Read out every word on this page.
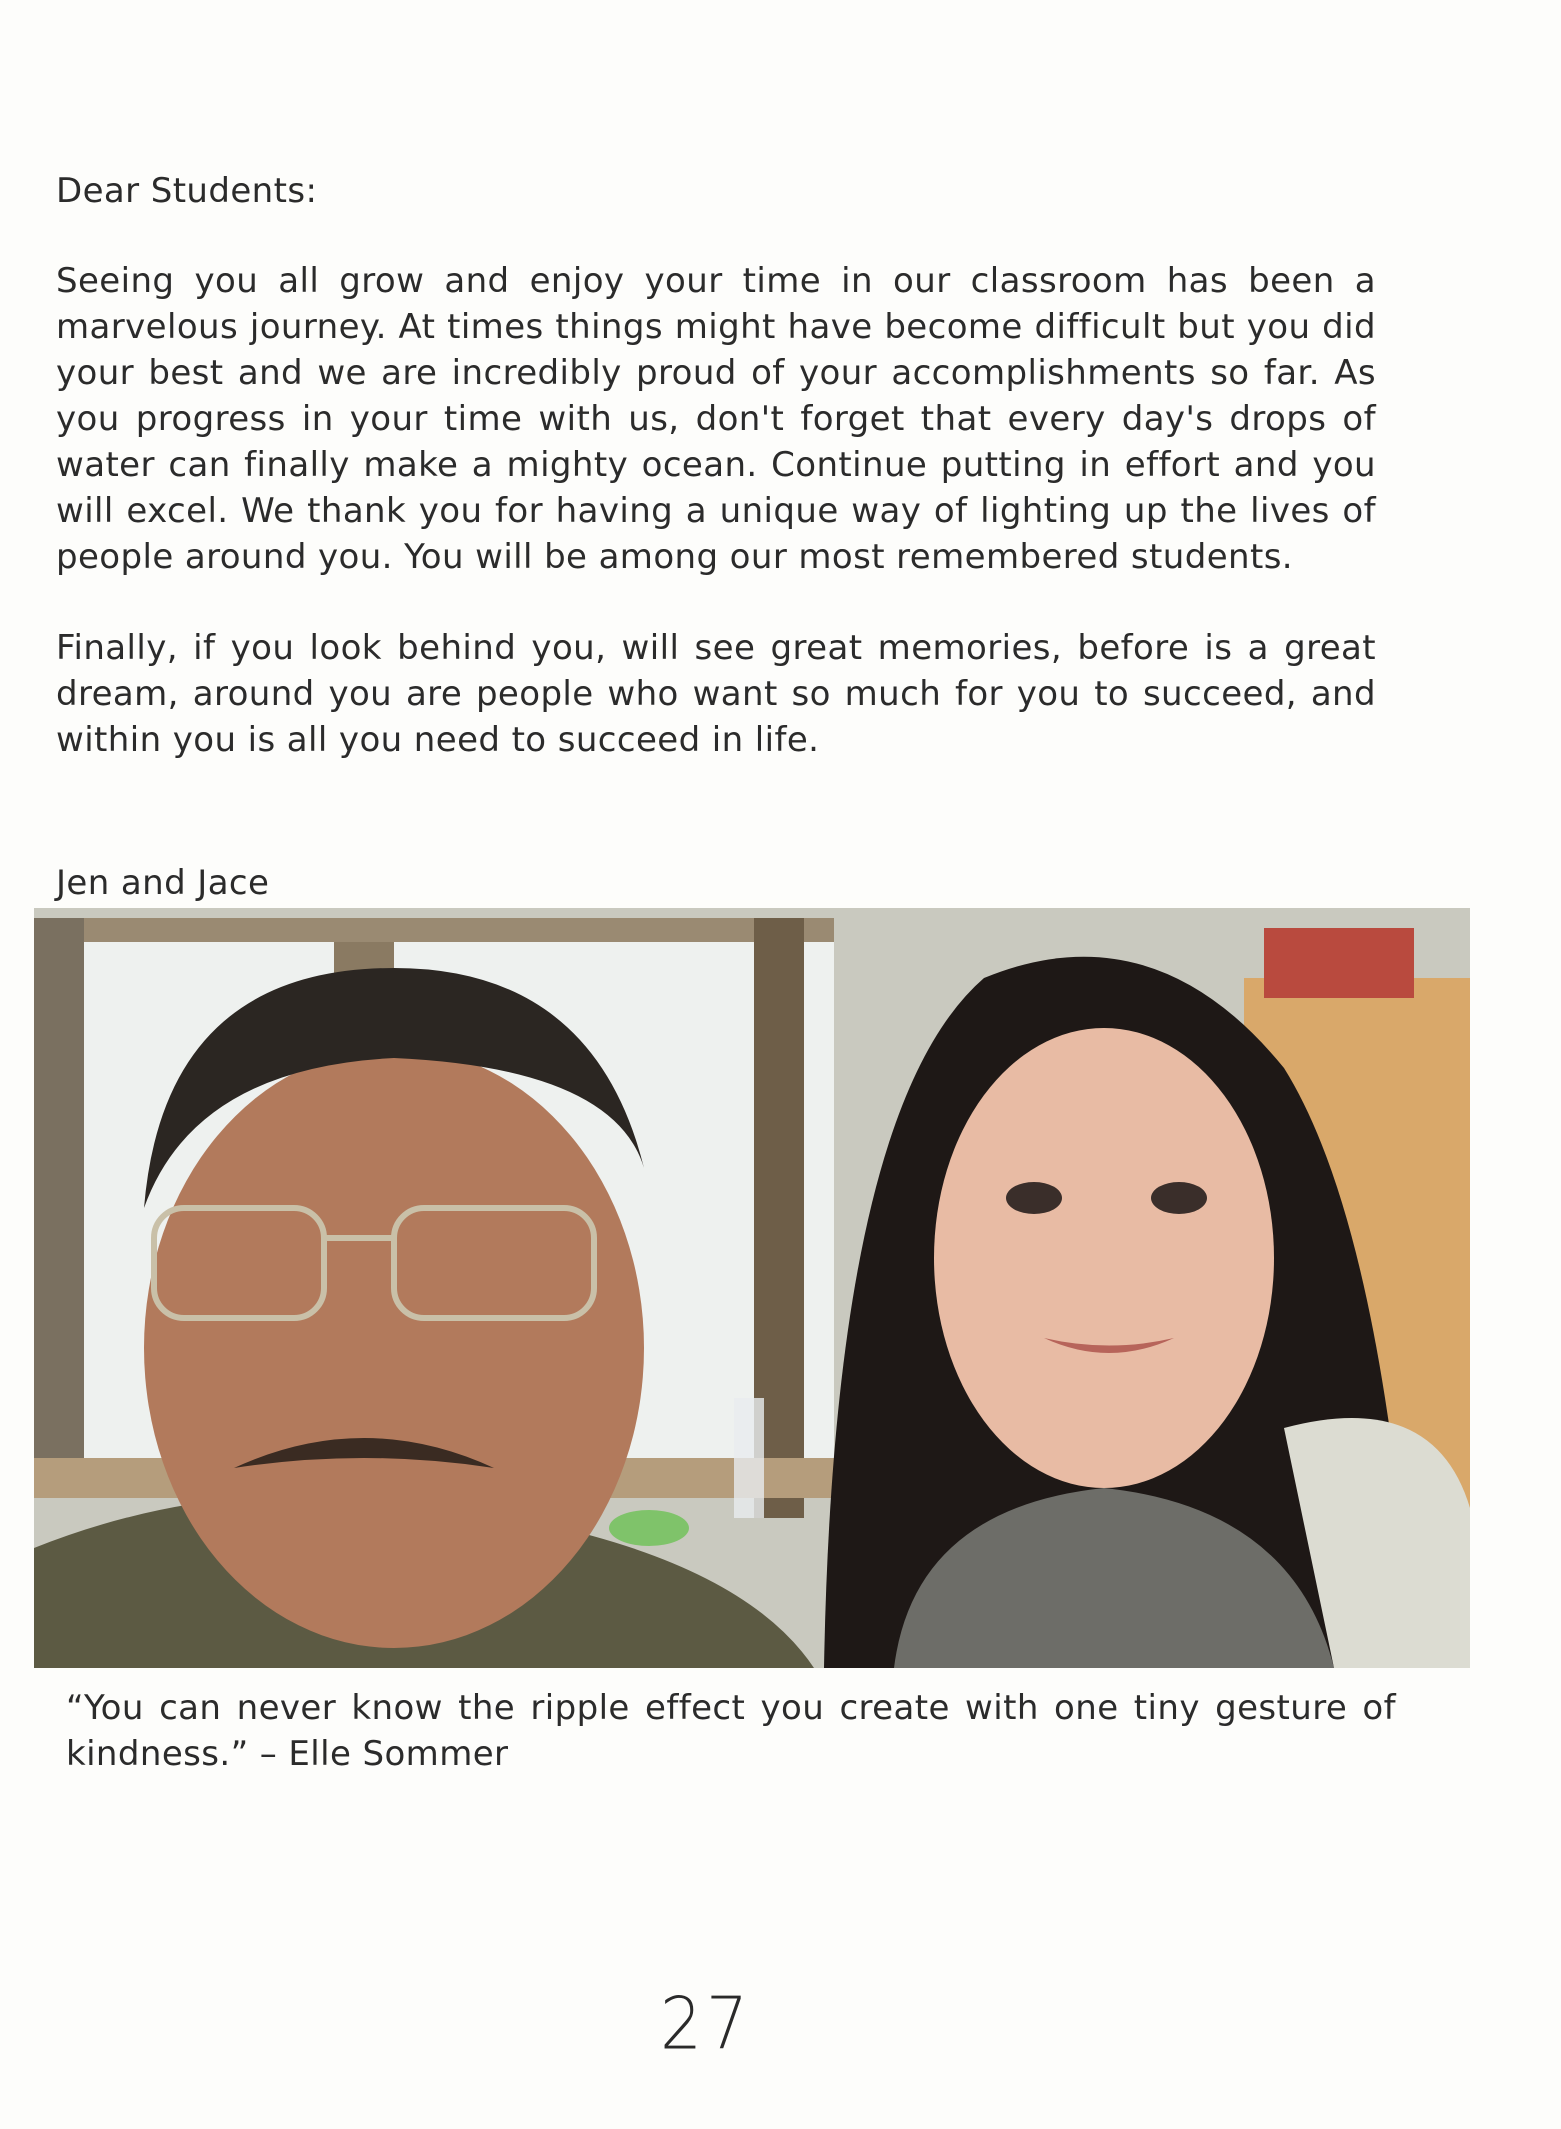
Dear Students:
Seeing you all grow and enjoy your time in our classroom has been a marvelous journey. At times things might have become difficult but you did your best and we are incredibly proud of your accomplishments so far. As you progress in your time with us, don't forget that every day's drops of water can finally make a mighty ocean. Continue putting in effort and you will excel. We thank you for having a unique way of lighting up the lives of people around you. You will be among our most remembered students.
Finally, if you look behind you, will see great memories, before is a great dream, around you are people who want so much for you to succeed, and within you is all you need to succeed in life.
Jen and Jace
“You can never know the ripple effect you create with one tiny gesture of kindness.” – Elle Sommer
27
